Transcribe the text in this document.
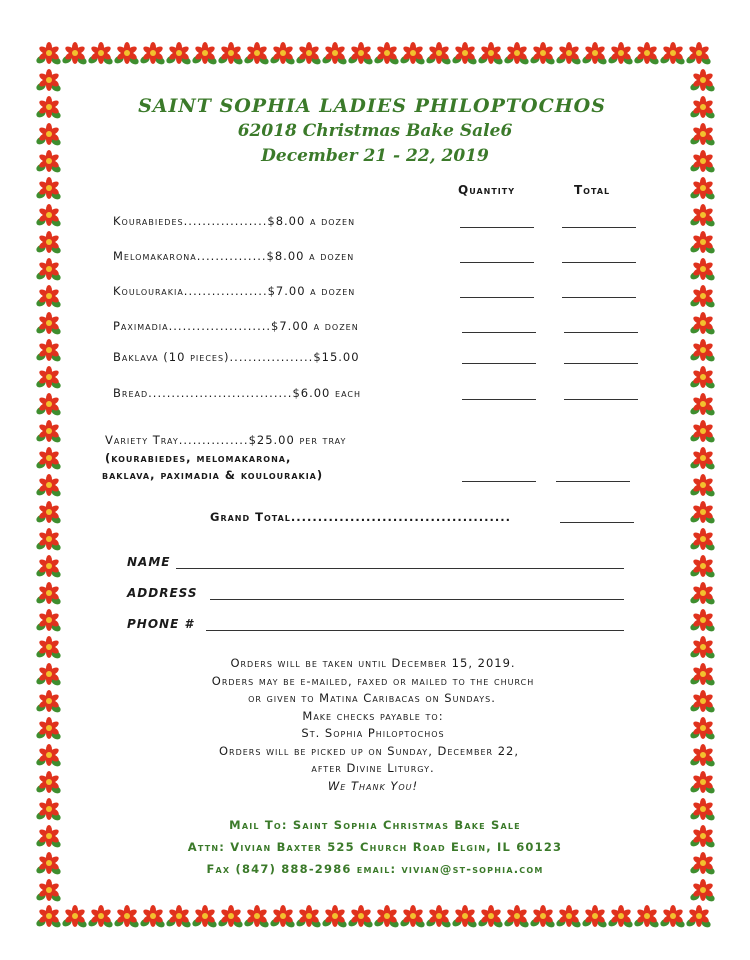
SAINT SOPHIA LADIES PHILOPTOCHOS
62018 Christmas Bake Sale6
December 21 - 22, 2019
Quantity	Total
Kourabiedes..................$8.00 a dozen
Melomakarona...............$8.00 a dozen
Koulourakia..................$7.00 a dozen
Paximadia......................$7.00 a dozen
Baklava (10 pieces)..................$15.00
Bread...............................$6.00 each
Variety Tray...............$25.00 per tray
(kourabiedes, melomakarona,
baklava, paximadia & koulourakia)
Grand Total.........................................
NAME
ADDRESS
PHONE #
Orders will be taken until December 15, 2019.
Orders may be e-mailed, faxed or mailed to the church
or given to Matina Caribacas on Sundays.
Make checks payable to:
St. Sophia Philoptochos
Orders will be picked up on Sunday, December 22,
after Divine Liturgy.
We Thank You!
Mail To: Saint Sophia Christmas Bake Sale
Attn: Vivian Baxter 525 Church Road Elgin, IL 60123
Fax (847) 888-2986 email: vivian@st-sophia.com
